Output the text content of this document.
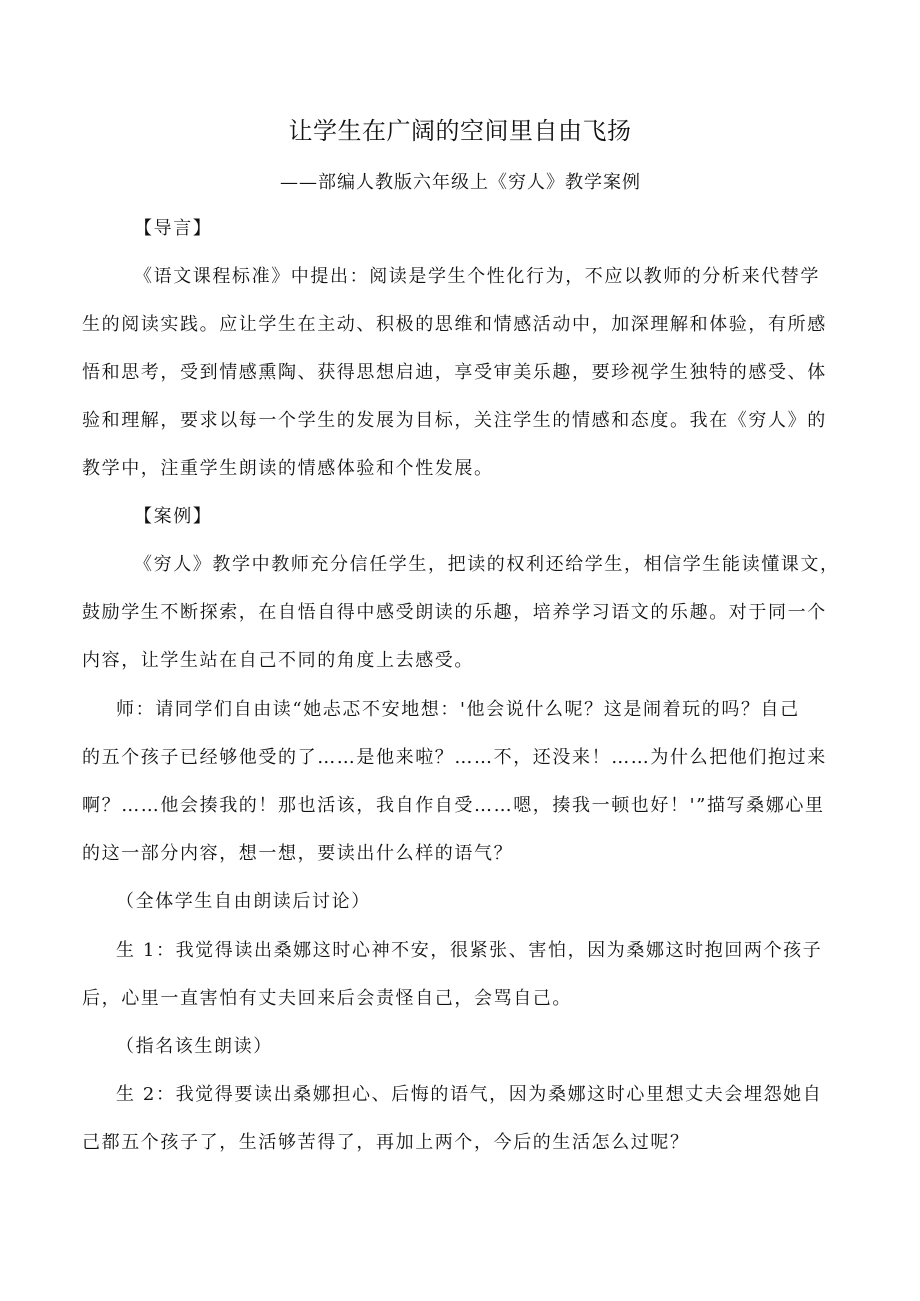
让学生在广阔的空间里自由飞扬
——部编人教版六年级上《穷人》教学案例
【导言】
《语文课程标准》中提出：阅读是学生个性化行为，不应以教师的分析来代替学
生的阅读实践。应让学生在主动、积极的思维和情感活动中，加深理解和体验，有所感
悟和思考，受到情感熏陶、获得思想启迪，享受审美乐趣，要珍视学生独特的感受、体
验和理解，要求以每一个学生的发展为目标，关注学生的情感和态度。我在《穷人》的
教学中，注重学生朗读的情感体验和个性发展。
【案例】
《穷人》教学中教师充分信任学生，把读的权利还给学生，相信学生能读懂课文，
鼓励学生不断探索，在自悟自得中感受朗读的乐趣，培养学习语文的乐趣。对于同一个
内容，让学生站在自己不同的角度上去感受。
师：请同学们自由读“她忐忑不安地想：'他会说什么呢？这是闹着玩的吗？自己
的五个孩子已经够他受的了……是他来啦？……不，还没来！……为什么把他们抱过来
啊？……他会揍我的！那也活该，我自作自受……嗯，揍我一顿也好！'”描写桑娜心里
的这一部分内容，想一想，要读出什么样的语气？
（全体学生自由朗读后讨论）
生 1：我觉得读出桑娜这时心神不安，很紧张、害怕，因为桑娜这时抱回两个孩子
后，心里一直害怕有丈夫回来后会责怪自己，会骂自己。
（指名该生朗读）
生 2：我觉得要读出桑娜担心、后悔的语气，因为桑娜这时心里想丈夫会埋怨她自
己都五个孩子了，生活够苦得了，再加上两个，今后的生活怎么过呢？
